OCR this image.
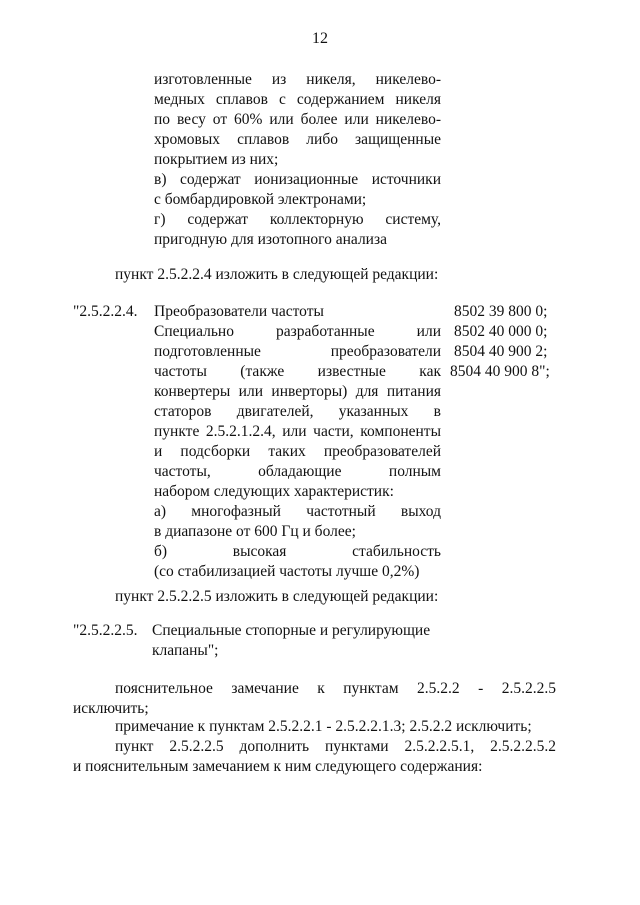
12
изготовленные из никеля, никелево-
медных сплавов с содержанием никеля
по весу от 60% или более или никелево-
хромовых сплавов либо защищенные
покрытием из них;
в) содержат ионизационные источники
с бомбардировкой электронами;
г) содержат коллекторную систему,
пригодную для изотопного анализа
пункт 2.5.2.2.4 изложить в следующей редакции:
"2.5.2.2.4. Преобразователи частоты
Специально разработанные или
подготовленные преобразователи
частоты (также известные как
конвертеры или инверторы) для питания
статоров двигателей, указанных в
пункте 2.5.2.1.2.4, или части, компоненты
и подсборки таких преобразователей
частоты, обладающие полным
набором следующих характеристик:
а) многофазный частотный выход
в диапазоне от 600 Гц и более;
б) высокая стабильность
(со стабилизацией частоты лучше 0,2%)
8502 39 800 0;
8502 40 000 0;
8504 40 900 2;
8504 40 900 8";
пункт 2.5.2.2.5 изложить в следующей редакции:
"2.5.2.2.5. Специальные стопорные и регулирующие
клапаны";
пояснительное замечание к пунктам 2.5.2.2 - 2.5.2.2.5
исключить;
примечание к пунктам 2.5.2.2.1 - 2.5.2.2.1.3; 2.5.2.2 исключить;
пункт 2.5.2.2.5 дополнить пунктами 2.5.2.2.5.1, 2.5.2.2.5.2
и пояснительным замечанием к ним следующего содержания:
